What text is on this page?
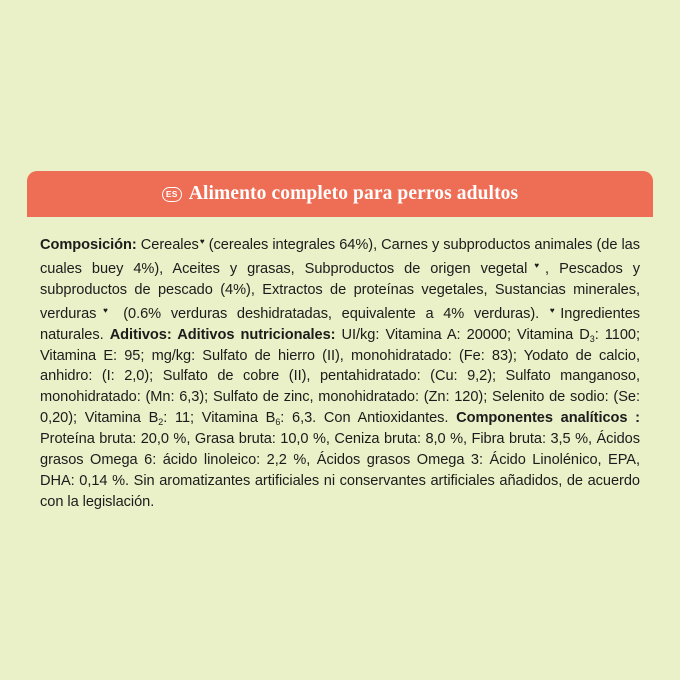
ES Alimento completo para perros adultos
Composición: Cereales♥ (cereales integrales 64%), Carnes y subproductos animales (de las cuales buey 4%), Aceites y grasas, Subproductos de origen vegetal♥, Pescados y subproductos de pescado (4%), Extractos de proteínas vegetales, Sustancias minerales, verduras♥ (0.6% verduras deshidratadas, equivalente a 4% verduras). ♥Ingredientes naturales. Aditivos: Aditivos nutricionales: UI/kg: Vitamina A: 20000; Vitamina $D_3$: 1100; Vitamina E: 95; mg/kg: Sulfato de hierro (II), monohidratado: (Fe: 83); Yodato de calcio, anhidro: (I: 2,0); Sulfato de cobre (II), pentahidratado: (Cu: 9,2); Sulfato manganoso, monohidratado: (Mn: 6,3); Sulfato de zinc, monohidratado: (Zn: 120); Selenito de sodio: (Se: 0,20); Vitamina $B_2$: 11; Vitamina $B_6$: 6,3. Con Antioxidantes. Componentes analíticos : Proteína bruta: 20,0 %, Grasa bruta: 10,0 %, Ceniza bruta: 8,0 %, Fibra bruta: 3,5 %, Ácidos grasos Omega 6: ácido linoleico: 2,2 %, Ácidos grasos Omega 3: Ácido Linolénico, EPA, DHA: 0,14 %. Sin aromatizantes artificiales ni conservantes artificiales añadidos, de acuerdo con la legislación.
